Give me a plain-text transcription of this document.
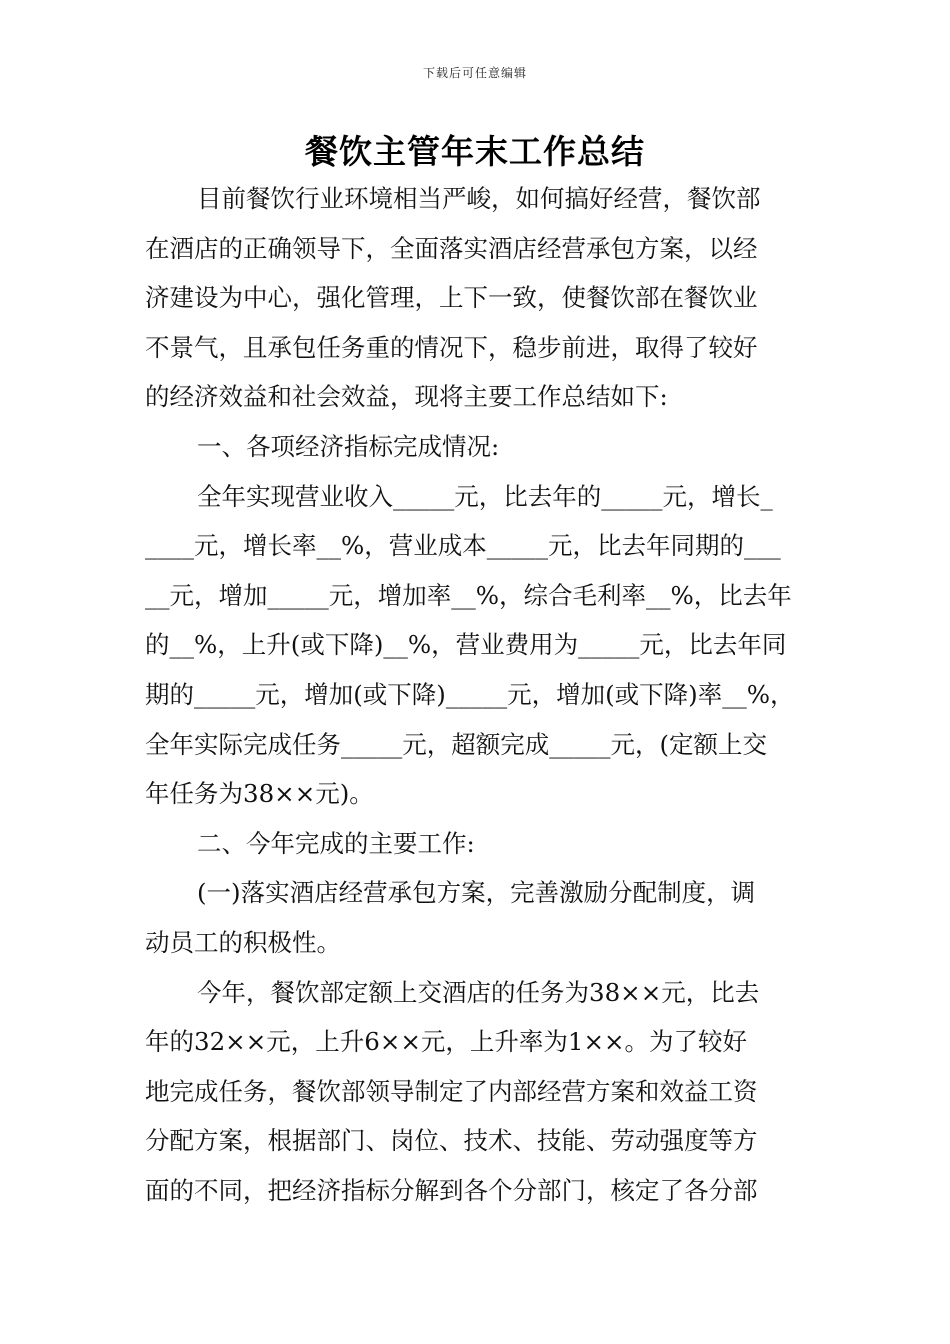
下载后可任意编辑
餐饮主管年末工作总结
目前餐饮行业环境相当严峻，如何搞好经营，餐饮部
在酒店的正确领导下，全面落实酒店经营承包方案，以经
济建设为中心，强化管理，上下一致，使餐饮部在餐饮业
不景气，且承包任务重的情况下，稳步前进，取得了较好
的经济效益和社会效益，现将主要工作总结如下:
一、各项经济指标完成情况:
全年实现营业收入_____元，比去年的_____元，增长_
____元，增长率__%，营业成本_____元，比去年同期的___
__元，增加_____元，增加率__%，综合毛利率__%，比去年
的__%，上升(或下降)__%，营业费用为_____元，比去年同
期的_____元，增加(或下降)_____元，增加(或下降)率__%，
全年实际完成任务_____元，超额完成_____元，(定额上交
年任务为38××元)。
二、今年完成的主要工作:
(一)落实酒店经营承包方案，完善激励分配制度，调
动员工的积极性。
今年，餐饮部定额上交酒店的任务为38××元，比去
年的32××元，上升6××元，上升率为1××。为了较好
地完成任务，餐饮部领导制定了内部经营方案和效益工资
分配方案，根据部门、岗位、技术、技能、劳动强度等方
面的不同，把经济指标分解到各个分部门，核定了各分部
